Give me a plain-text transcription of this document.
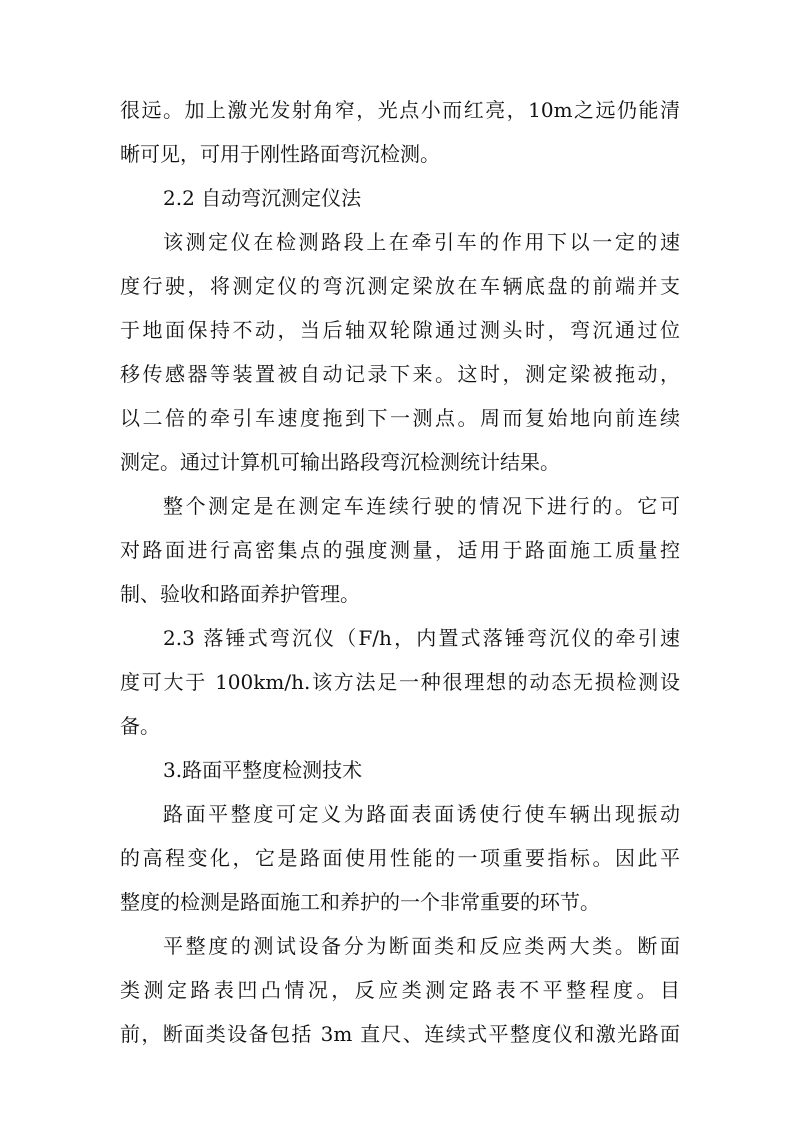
很远。加上激光发射角窄，光点小而红亮，10m之远仍能清
晰可见，可用于刚性路面弯沉检测。
2.2 自动弯沉测定仪法
该测定仪在检测路段上在牵引车的作用下以一定的速
度行驶，将测定仪的弯沉测定梁放在车辆底盘的前端并支
于地面保持不动，当后轴双轮隙通过测头时，弯沉通过位
移传感器等装置被自动记录下来。这时，测定梁被拖动，
以二倍的牵引车速度拖到下一测点。周而复始地向前连续
测定。通过计算机可输出路段弯沉检测统计结果。
整个测定是在测定车连续行驶的情况下进行的。它可
对路面进行高密集点的强度测量，适用于路面施工质量控
制、验收和路面养护管理。
2.3 落锤式弯沉仪（F/h，内置式落锤弯沉仪的牵引速
度可大于 100km/h.该方法足一种很理想的动态无损检测设
备。
3.路面平整度检测技术
路面平整度可定义为路面表面诱使行使车辆出现振动
的高程变化，它是路面使用性能的一项重要指标。因此平
整度的检测是路面施工和养护的一个非常重要的环节。
平整度的测试设备分为断面类和反应类两大类。断面
类测定路表凹凸情况，反应类测定路表不平整程度。目
前，断面类设备包括 3m 直尺、连续式平整度仪和激光路面
